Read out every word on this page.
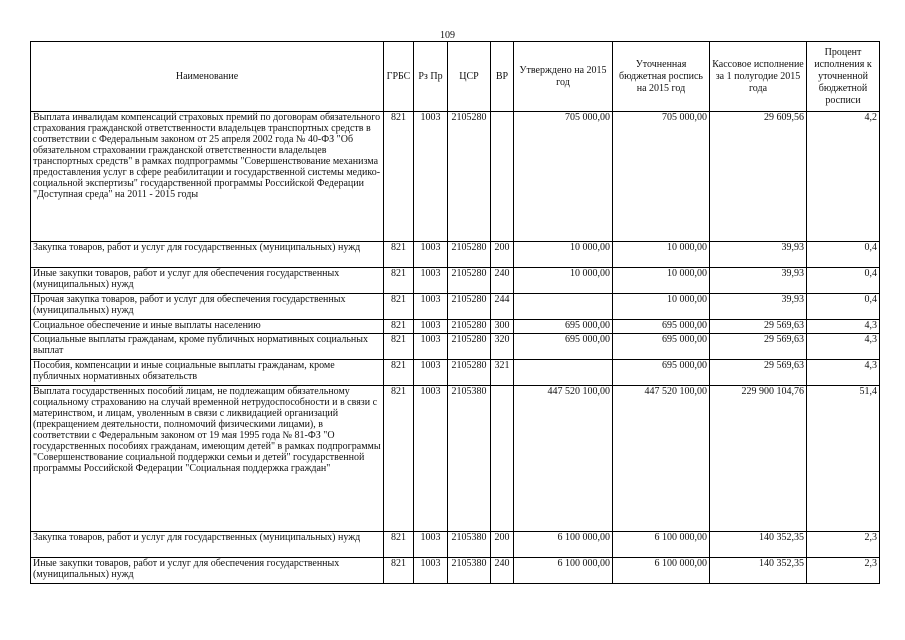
109
Наименование	ГРБС	Рз Пр	ЦСР	ВР	Утверждено на 2015 год	Уточненная бюджетная роспись на 2015 год	Кассовое исполнение за 1 полугодие 2015 года	Процент исполнения к уточненной бюджетной росписи
Выплата инвалидам компенсаций страховых премий по договорам обязательного страхования гражданской ответственности владельцев транспортных средств в соответствии с Федеральным законом от 25 апреля 2002 года № 40-ФЗ "Об обязательном страховании гражданской ответственности владельцев транспортных средств" в рамках подпрограммы "Совершенствование механизма предоставления услуг в сфере реабилитации и государственной системы медико-социальной экспертизы" государственной программы Российской Федерации "Доступная среда" на 2011 - 2015 годы	821	1003	2105280		705 000,00	705 000,00	29 609,56	4,2
Закупка товаров, работ и услуг для государственных (муниципальных) нужд	821	1003	2105280	200	10 000,00	10 000,00	39,93	0,4
Иные закупки товаров, работ и услуг для обеспечения государственных (муниципальных) нужд	821	1003	2105280	240	10 000,00	10 000,00	39,93	0,4
Прочая закупка товаров, работ и услуг для обеспечения государственных (муниципальных) нужд	821	1003	2105280	244		10 000,00	39,93	0,4
Социальное обеспечение и иные выплаты населению	821	1003	2105280	300	695 000,00	695 000,00	29 569,63	4,3
Социальные выплаты гражданам, кроме публичных нормативных социальных выплат	821	1003	2105280	320	695 000,00	695 000,00	29 569,63	4,3
Пособия, компенсации и иные социальные выплаты гражданам, кроме публичных нормативных обязательств	821	1003	2105280	321		695 000,00	29 569,63	4,3
Выплата государственных пособий лицам, не подлежащим обязательному социальному страхованию на случай временной нетрудоспособности и в связи с материнством, и лицам, уволенным в связи с ликвидацией организаций (прекращением деятельности, полномочий физическими лицами), в соответствии с Федеральным законом от 19 мая 1995 года № 81-ФЗ "О государственных пособиях гражданам, имеющим детей" в рамках подпрограммы "Совершенствование социальной поддержки семьи и детей" государственной программы Российской Федерации "Социальная поддержка граждан"	821	1003	2105380		447 520 100,00	447 520 100,00	229 900 104,76	51,4
Закупка товаров, работ и услуг для государственных (муниципальных) нужд	821	1003	2105380	200	6 100 000,00	6 100 000,00	140 352,35	2,3
Иные закупки товаров, работ и услуг для обеспечения государственных (муниципальных) нужд	821	1003	2105380	240	6 100 000,00	6 100 000,00	140 352,35	2,3
